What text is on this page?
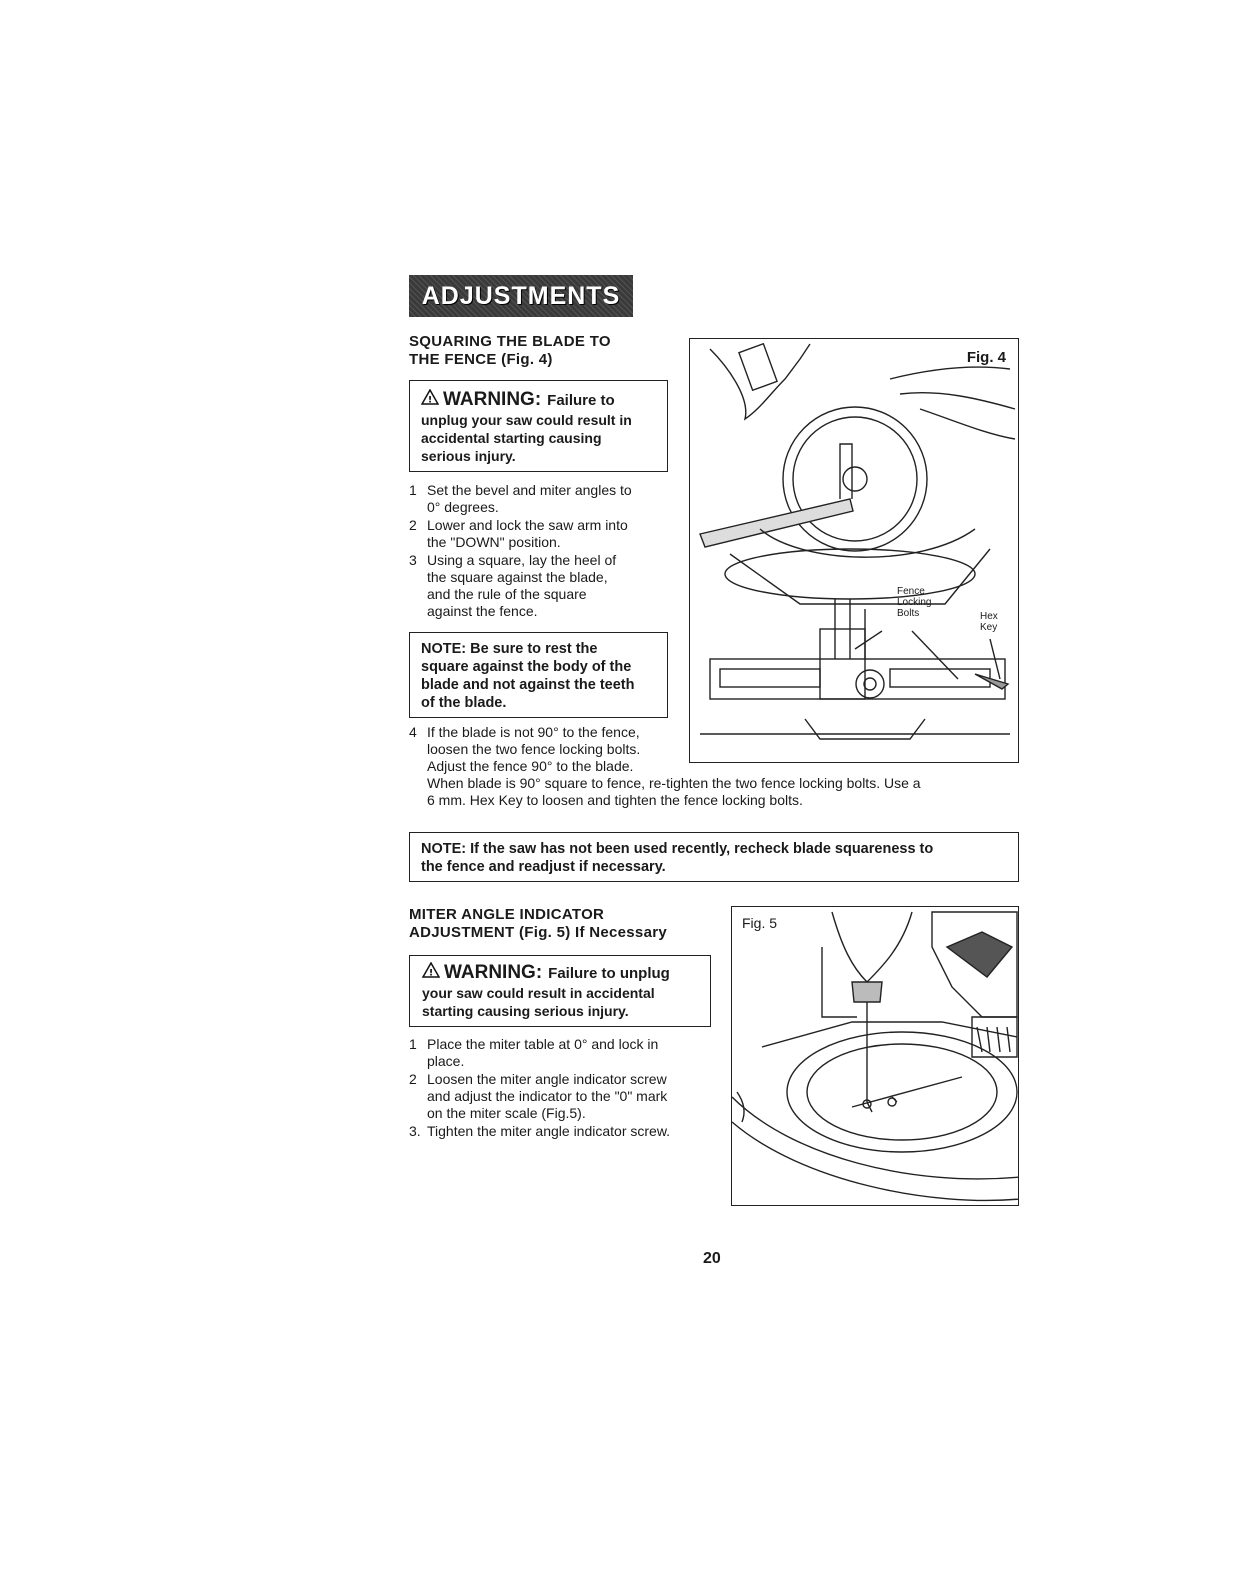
ADJUSTMENTS
SQUARING THE BLADE TO
THE FENCE (Fig. 4)
! WARNING: Failure to
unplug your saw could result in
accidental starting causing
serious injury.
1 Set the bevel and miter angles to
0° degrees.
2 Lower and lock the saw arm into
the "DOWN" position.
3 Using a square, lay the heel of
the square against the blade,
and the rule of the square
against the fence.
NOTE: Be sure to rest the
square against the body of the
blade and not against the teeth
of the blade.
4 If the blade is not 90° to the fence,
loosen the two fence locking bolts.
Adjust the fence 90° to the blade.
When blade is 90° square to fence, re-tighten the two fence locking bolts. Use a
6 mm. Hex Key to loosen and tighten the fence locking bolts.
Fig. 4
Fence
Locking
Bolts	Hex
Key
NOTE: If the saw has not been used recently, recheck blade squareness to
the fence and readjust if necessary.
MITER ANGLE INDICATOR
ADJUSTMENT (Fig. 5) If Necessary
! WARNING: Failure to unplug
your saw could result in accidental
starting causing serious injury.
1 Place the miter table at 0° and lock in
place.
2 Loosen the miter angle indicator screw
and adjust the indicator to the "0" mark
on the miter scale (Fig.5).
3. Tighten the miter angle indicator screw.
Fig. 5
20
